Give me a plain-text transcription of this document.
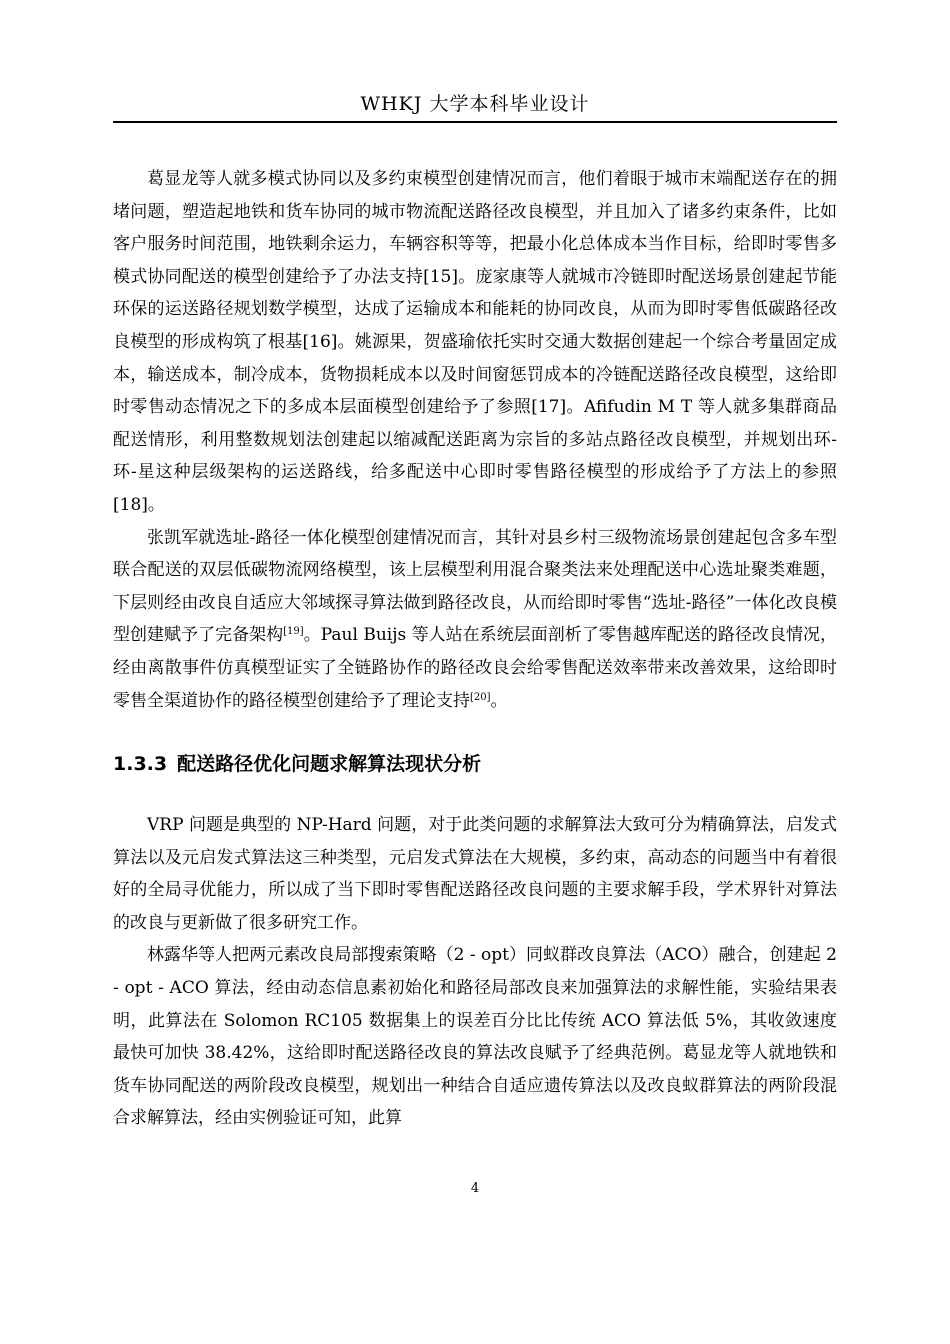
WHKJ 大学本科毕业设计

葛显龙等人就多模式协同以及多约束模型创建情况而言，他们着眼于城市末端配送存在的拥堵问题，塑造起地铁和货车协同的城市物流配送路径改良模型，并且加入了诸多约束条件，比如客户服务时间范围，地铁剩余运力，车辆容积等等，把最小化总体成本当作目标，给即时零售多模式协同配送的模型创建给予了办法支持[15]。庞家康等人就城市冷链即时配送场景创建起节能环保的运送路径规划数学模型，达成了运输成本和能耗的协同改良，从而为即时零售低碳路径改良模型的形成构筑了根基[16]。姚源果，贺盛瑜依托实时交通大数据创建起一个综合考量固定成本，输送成本，制冷成本，货物损耗成本以及时间窗惩罚成本的冷链配送路径改良模型，这给即时零售动态情况之下的多成本层面模型创建给予了参照[17]。Afifudin M T 等人就多集群商品配送情形，利用整数规划法创建起以缩减配送距离为宗旨的多站点路径改良模型，并规划出环-环-星这种层级架构的运送路线，给多配送中心即时零售路径模型的形成给予了方法上的参照[18]。

张凯军就选址-路径一体化模型创建情况而言，其针对县乡村三级物流场景创建起包含多车型联合配送的双层低碳物流网络模型，该上层模型利用混合聚类法来处理配送中心选址聚类难题，下层则经由改良自适应大邻域探寻算法做到路径改良，从而给即时零售“选址-路径”一体化改良模型创建赋予了完备架构[19]。Paul Buijs 等人站在系统层面剖析了零售越库配送的路径改良情况，经由离散事件仿真模型证实了全链路协作的路径改良会给零售配送效率带来改善效果，这给即时零售全渠道协作的路径模型创建给予了理论支持[20]。

1.3.3 配送路径优化问题求解算法现状分析

VRP 问题是典型的 NP-Hard 问题，对于此类问题的求解算法大致可分为精确算法，启发式算法以及元启发式算法这三种类型，元启发式算法在大规模，多约束，高动态的问题当中有着很好的全局寻优能力，所以成了当下即时零售配送路径改良问题的主要求解手段，学术界针对算法的改良与更新做了很多研究工作。

林露华等人把两元素改良局部搜索策略（2 - opt）同蚁群改良算法（ACO）融合，创建起 2 - opt - ACO 算法，经由动态信息素初始化和路径局部改良来加强算法的求解性能，实验结果表明，此算法在 Solomon RC105 数据集上的误差百分比比传统 ACO 算法低 5%，其收敛速度最快可加快 38.42%，这给即时配送路径改良的算法改良赋予了经典范例。葛显龙等人就地铁和货车协同配送的两阶段改良模型，规划出一种结合自适应遗传算法以及改良蚁群算法的两阶段混合求解算法，经由实例验证可知，此算

4
